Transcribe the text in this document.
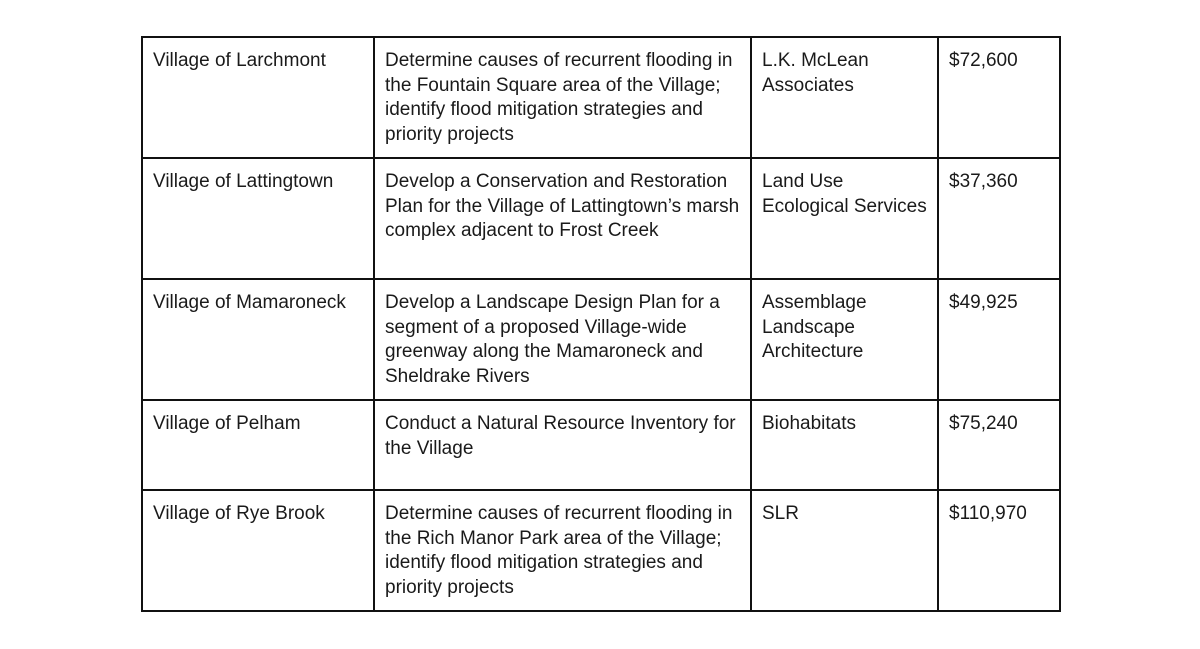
Village of Larchmont	Determine causes of recurrent flooding in the Fountain Square area of the Village; identify flood mitigation strategies and priority projects	L.K. McLean Associates	$72,600
Village of Lattingtown	Develop a Conservation and Restoration Plan for the Village of Lattingtown’s marsh complex adjacent to Frost Creek	Land Use Ecological Services	$37,360
Village of Mamaroneck	Develop a Landscape Design Plan for a segment of a proposed Village-wide greenway along the Mamaroneck and Sheldrake Rivers	Assemblage Landscape Architecture	$49,925
Village of Pelham	Conduct a Natural Resource Inventory for the Village	Biohabitats	$75,240
Village of Rye Brook	Determine causes of recurrent flooding in the Rich Manor Park area of the Village; identify flood mitigation strategies and priority projects	SLR	$110,970
